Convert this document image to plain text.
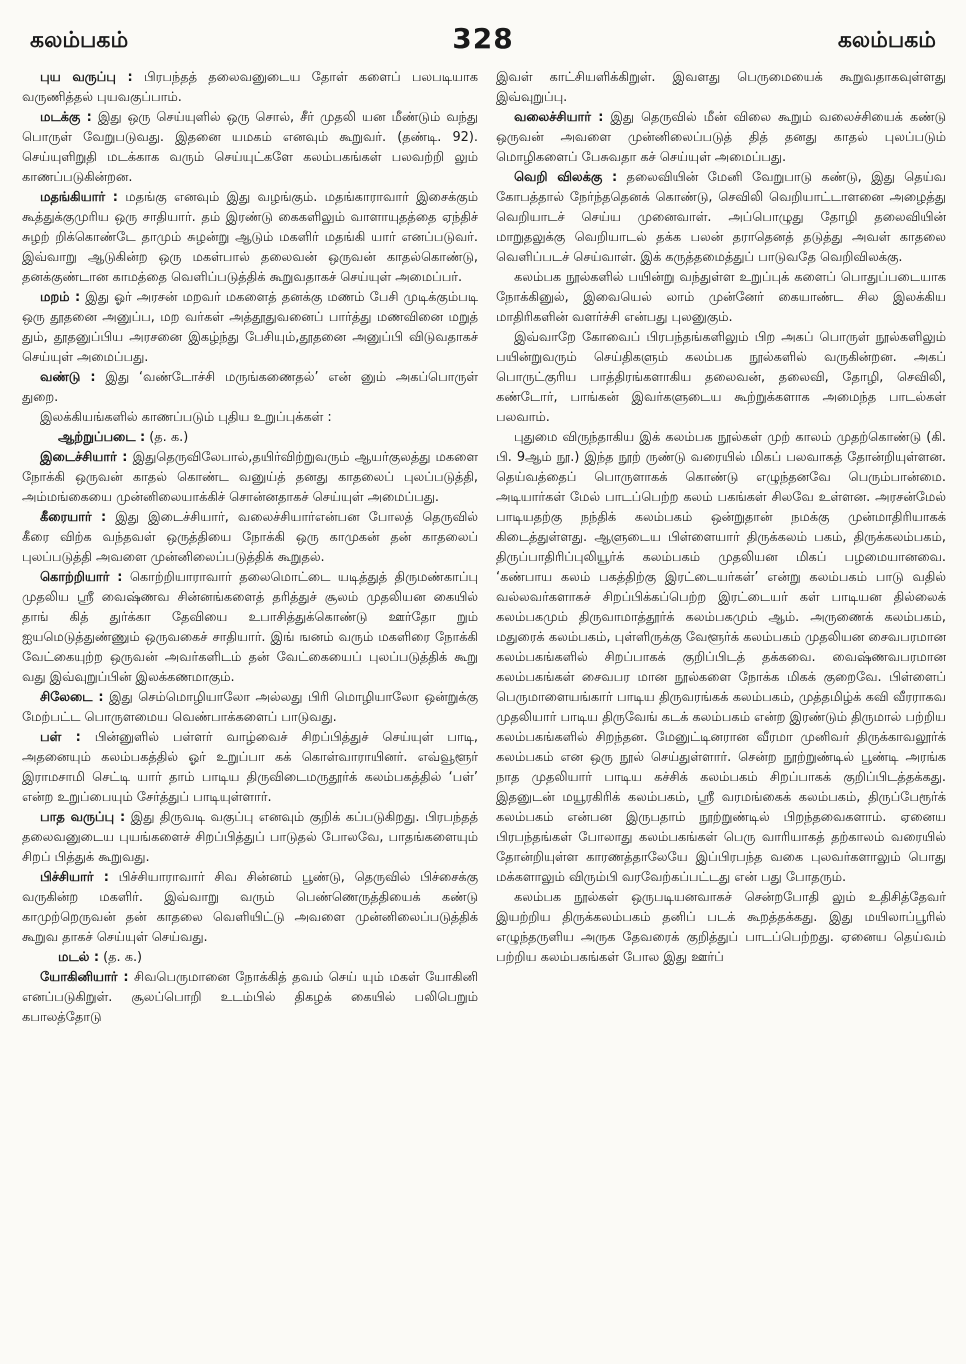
கலம்பகம்	328	கலம்பகம்

புய வருப்பு : பிரபந்தத் தலைவனுடைய தோள் களைப் பலபடியாக வருணித்தல் புயவகுப்பாம்.

மடக்கு : இது ஒரு செய்யுளில் ஒரு சொல், சீர் முதலி யன மீண்டும் வந்து பொருள் வேறுபடுவது. இதனை யமகம் எனவும் கூறுவர். (தண்டி. 92). செய்யுளிறுதி மடக்காக வரும் செய்யுட்களே கலம்பகங்கள் பலவற்றி லும் காணப்படுகின்றன.

மதங்கியார் : மதங்கு எனவும் இது வழங்கும். மதங்காராவார் இசைக்கும் கூத்துக்குமுரிய ஒரு சாதியார். தம் இரண்டு கைகளிலும் வாளாயுதத்தை ஏந்திச் சுழற் றிக்கொண்டே தாமும் சுழன்று ஆடும் மகளிர் மதங்கி யார் எனப்படுவர். இவ்வாறு ஆடுகின்ற ஒரு மகள்பால் தலைவன் ஒருவன் காதல்கொண்டு, தனக்குண்டான காமத்தை வெளிப்படுத்திக் கூறுவதாகச் செய்யுள் அமைப்பர்.

மறம் : இது ஓர் அரசன் மறவர் மகளைத் தனக்கு மணம் பேசி முடிக்கும்படி ஒரு தூதனை அனுப்ப, மற வர்கள் அத்தூதுவனைப் பார்த்து மணவினை மறுத் தும், தூதனுப்பிய அரசனை இகழ்ந்து பேசியும்,தூதனை அனுப்பி விடுவதாகச் செய்யுள் அமைப்பது.

வண்டு : இது ‘வண்டோச்சி மருங்கணைதல்’ என் னும் அகப்பொருள் துறை.

இலக்கியங்களில் காணப்படும் புதிய உறுப்புக்கள் :

ஆற்றுப்படை : (த. க.)

இடைச்சியார் : இதுதெருவிலேபால்,தயிர்விற்றுவரும் ஆயர்குலத்து மகளை நோக்கி ஒருவன் காதல் கொண்ட வனுய்த் தனது காதலைப் புலப்படுத்தி, அம்மங்கையை முன்னிலையாக்கிச் சொன்னதாகச் செய்யுள் அமைப்பது.

கீரையார் : இது இடைச்சியார், வலைச்சியார்என்பன போலத் தெருவில் கீரை விற்க வந்தவள் ஒருத்தியை நோக்கி ஒரு காமுகன் தன் காதலைப் புலப்படுத்தி அவளை முன்னிலைப்படுத்திக் கூறுதல்.

கொற்றியார் : கொற்றியாராவார் தலைமொட்டை யடித்துத் திருமண்காப்பு முதலிய ஸ்ரீ வைஷ்ணவ சின்னங்களைத் தரித்துச் சூலம் முதலியன கையில் தாங் கித் துர்க்கா தேவியை உபாசித்துக்கொண்டு ஊர்தோ றும் ஐயமெடுத்துண்ணும் ஒருவகைச் சாதியார். இங் ஙனம் வரும் மகளிரை நோக்கி வேட்கையுற்ற ஒருவன் அவர்களிடம் தன் வேட்கையைப் புலப்படுத்திக் கூறு வது இவ்வுறுப்பின் இலக்கணமாகும்.

சிலேடை : இது செம்மொழியாலோ அல்லது பிரி மொழியாலோ ஒன்றுக்கு மேற்பட்ட பொருளமைய வெண்பாக்களைப் பாடுவது.

பள் : பின்னுளில் பள்ளர் வாழ்வைச் சிறப்பித்துச் செய்யுள் பாடி, அதனையும் கலம்பகத்தில் ஓர் உறுப்பா கக் கொள்வாராயினர். எவ்வூளூர் இராமசாமி செட்டி யார் தாம் பாடிய திருவிடைமருதூர்க் கலம்பகத்தில் ‘பள்’ என்ற உறுப்பையும் சேர்த்துப் பாடியுள்ளார்.

பாத வருப்பு : இது திருவடி வகுப்பு எனவும் குறிக் கப்படுகிறது. பிரபந்தத் தலைவனுடைய புயங்களைச் சிறப்பித்துப் பாடுதல் போலவே, பாதங்களையும் சிறப் பித்துக் கூறுவது.

பிச்சியார் : பிச்சியாராவார் சிவ சின்னம் பூண்டு, தெருவில் பிச்சைக்கு வருகின்ற மகளிர். இவ்வாறு வரும் பெண்ணெருத்தியைக் கண்டு காமுற்றெருவன் தன் காதலை வெளியிட்டு அவளை முன்னிலைப்படுத்திக் கூறுவ தாகச் செய்யுள் செய்வது.

மடல் : (த. க.)

யோகினியார் : சிவபெருமானை நோக்கித் தவம் செய் யும் மகள் யோகினி எனப்படுகிறுள். சூலப்பொறி உடம்பில் திகழக் கையில் பலிபெறும் கபாலத்தோடு

இவள் காட்சியளிக்கிறுள். இவளது பெருமையைக் கூறுவதாகவுள்ளது இவ்வுறுப்பு.

வலைச்சியார் : இது தெருவில் மீன் விலை கூறும் வலைச்சியைக் கண்டு ஒருவன் அவளை முன்னிலைப்படுத் தித் தனது காதல் புலப்படும் மொழிகளைப் பேசுவதா கச் செய்யுள் அமைப்பது.

வெறி விலக்கு : தலைவியின் மேனி வேறுபாடு கண்டு, இது தெய்வ கோபத்தால் நேர்ந்ததெனக் கொண்டு, செவிலி வெறியாட்டாளனை அழைத்து வெறியாடச் செய்ய முனைவாள். அப்பொழுது தோழி தலைவியின் மாறுதலுக்கு வெறியாடல் தக்க பலன் தராதெனத் தடுத்து அவள் காதலை வெளிப்படச் செய்வாள். இக் கருத்தமைத்துப் பாடுவதே வெறிவிலக்கு.

கலம்பக நூல்களில் பயின்று வந்துள்ள உறுப்புக் களைப் பொதுப்படையாக நோக்கினுல், இவையெல் லாம் முன்னேர் கையாண்ட சில இலக்கிய மாதிரிகளின் வளர்ச்சி என்பது புலனுகும்.

இவ்வாறே கோவைப் பிரபந்தங்களிலும் பிற அகப் பொருள் நூல்களிலும் பயின்றுவரும் செய்திகளும் கலம்பக நூல்களில் வருகின்றன. அகப் பொருட்குரிய பாத்திரங்களாகிய தலைவன், தலைவி, தோழி, செவிலி, கண்டோர், பாங்கன் இவர்களுடைய கூற்றுக்களாக அமைந்த பாடல்கள் பலவாம்.

புதுமை விருந்தாகிய இக் கலம்பக நூல்கள் முற் காலம் முதற்கொண்டு (கி. பி. 9ஆம் நூ.) இந்த நூற் ருண்டு வரையில் மிகப் பலவாகத் தோன்றியுள்ளன. தெய்வத்தைப் பொருளாகக் கொண்டு எழுந்தனவே பெரும்பான்மை. அடியார்கள் மேல் பாடப்பெற்ற கலம் பகங்கள் சிலவே உள்ளன. அரசன்மேல் பாடியதற்கு நந்திக் கலம்பகம் ஒன்றுதான் நமக்கு முன்மாதிரியாகக் கிடைத்துள்ளது. ஆளுடைய பிள்ளையார் திருக்கலம் பகம், திருக்கலம்பகம், திருப்பாதிரிப்புலியூர்க் கலம்பகம் முதலியன மிகப் பழமையானவை. ‘கண்பாய கலம் பகத்திற்கு இரட்டையர்கள்’ என்று கலம்பகம் பாடு வதில் வல்லவர்களாகச் சிறப்பிக்கப்பெற்ற இரட்டையர் கள் பாடியன தில்லைக் கலம்பகமும் திருவாமாத்தூர்க் கலம்பகமும் ஆம். அருணைக் கலம்பகம், மதுரைக் கலம்பகம், புள்ளிருக்கு வேளூர்க் கலம்பகம் முதலியன சைவபரமான கலம்பகங்களில் சிறப்பாகக் குறிப்பிடத் தக்கவை. வைஷ்ணவபரமான கலம்பகங்கள் சைவபர மான நூல்களை நோக்க மிகக் குறைவே. பிள்ளைப் பெருமாளையங்கார் பாடிய திருவரங்கக் கலம்பகம், முத்தமிழ்க் கவி வீரராகவ முதலியார் பாடிய திருவேங் கடக் கலம்பகம் என்ற இரண்டும் திருமால் பற்றிய கலம்பகங்களில் சிறந்தன. மேனுட்டினரான வீரமா முனிவர் திருக்காவலூர்க் கலம்பகம் என ஒரு நூல் செய்துள்ளார். சென்ற நூற்றுண்டில் பூண்டி அரங்க நாத முதலியார் பாடிய கச்சிக் கலம்பகம் சிறப்பாகக் குறிப்பிடத்தக்கது. இதனுடன் மயூரகிரிக் கலம்பகம், ஸ்ரீ வரமங்கைக் கலம்பகம், திருப்பேரூர்க் கலம்பகம் என்பன இருபதாம் நூற்றுண்டில் பிறந்தவைகளாம். ஏனைய பிரபந்தங்கள் போலாது கலம்பகங்கள் பெரு வாரியாகத் தற்காலம் வரையில் தோன்றியுள்ள காரணத்தாலேயே இப்பிரபந்த வகை புலவர்களாலும் பொது மக்களாலும் விரும்பி வரவேற்கப்பட்டது என் பது போதரும்.

கலம்பக நூல்கள் ஒருபடியனவாகச் சென்றபோதி லும் உதிசித்தேவர் இயற்றிய திருக்கலம்பகம் தனிப் படக் கூறத்தக்கது. இது மயிலாப்பூரில் எழுந்தருளிய அருக தேவரைக் குறித்துப் பாடப்பெற்றது. ஏனைய தெய்வம் பற்றிய கலம்பகங்கள் போல இது ஊர்ப்
